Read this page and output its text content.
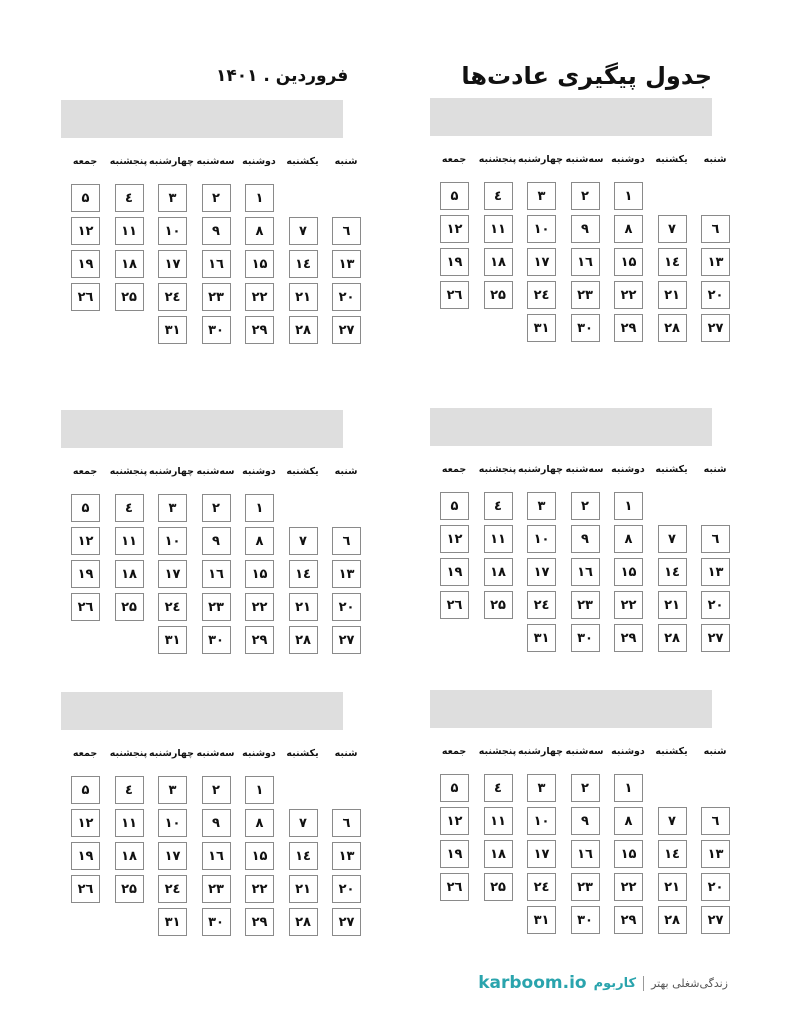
جدول پیگیری عادت‌ها
فروردین . ۱۴۰۱
شنبه
یکشنبه
دوشنبه
سه‌شنبه
چهارشنبه
پنجشنبه
جمعه
۱
۲
۳
٤
۵
٦
۷
۸
۹
۱۰
۱۱
۱۲
۱۳
۱٤
۱۵
۱٦
۱۷
۱۸
۱۹
۲۰
۲۱
۲۲
۲۳
۲٤
۲۵
۲٦
۲۷
۲۸
۲۹
۳۰
۳۱
شنبه
یکشنبه
دوشنبه
سه‌شنبه
چهارشنبه
پنجشنبه
جمعه
۱
۲
۳
٤
۵
٦
۷
۸
۹
۱۰
۱۱
۱۲
۱۳
۱٤
۱۵
۱٦
۱۷
۱۸
۱۹
۲۰
۲۱
۲۲
۲۳
۲٤
۲۵
۲٦
۲۷
۲۸
۲۹
۳۰
۳۱
شنبه
یکشنبه
دوشنبه
سه‌شنبه
چهارشنبه
پنجشنبه
جمعه
۱
۲
۳
٤
۵
٦
۷
۸
۹
۱۰
۱۱
۱۲
۱۳
۱٤
۱۵
۱٦
۱۷
۱۸
۱۹
۲۰
۲۱
۲۲
۲۳
۲٤
۲۵
۲٦
۲۷
۲۸
۲۹
۳۰
۳۱
شنبه
یکشنبه
دوشنبه
سه‌شنبه
چهارشنبه
پنجشنبه
جمعه
۱
۲
۳
٤
۵
٦
۷
۸
۹
۱۰
۱۱
۱۲
۱۳
۱٤
۱۵
۱٦
۱۷
۱۸
۱۹
۲۰
۲۱
۲۲
۲۳
۲٤
۲۵
۲٦
۲۷
۲۸
۲۹
۳۰
۳۱
شنبه
یکشنبه
دوشنبه
سه‌شنبه
چهارشنبه
پنجشنبه
جمعه
۱
۲
۳
٤
۵
٦
۷
۸
۹
۱۰
۱۱
۱۲
۱۳
۱٤
۱۵
۱٦
۱۷
۱۸
۱۹
۲۰
۲۱
۲۲
۲۳
۲٤
۲۵
۲٦
۲۷
۲۸
۲۹
۳۰
۳۱
شنبه
یکشنبه
دوشنبه
سه‌شنبه
چهارشنبه
پنجشنبه
جمعه
۱
۲
۳
٤
۵
٦
۷
۸
۹
۱۰
۱۱
۱۲
۱۳
۱٤
۱۵
۱٦
۱۷
۱۸
۱۹
۲۰
۲۱
۲۲
۲۳
۲٤
۲۵
۲٦
۲۷
۲۸
۲۹
۳۰
۳۱
karboom.io کاربوم زندگی‌شغلی بهتر
